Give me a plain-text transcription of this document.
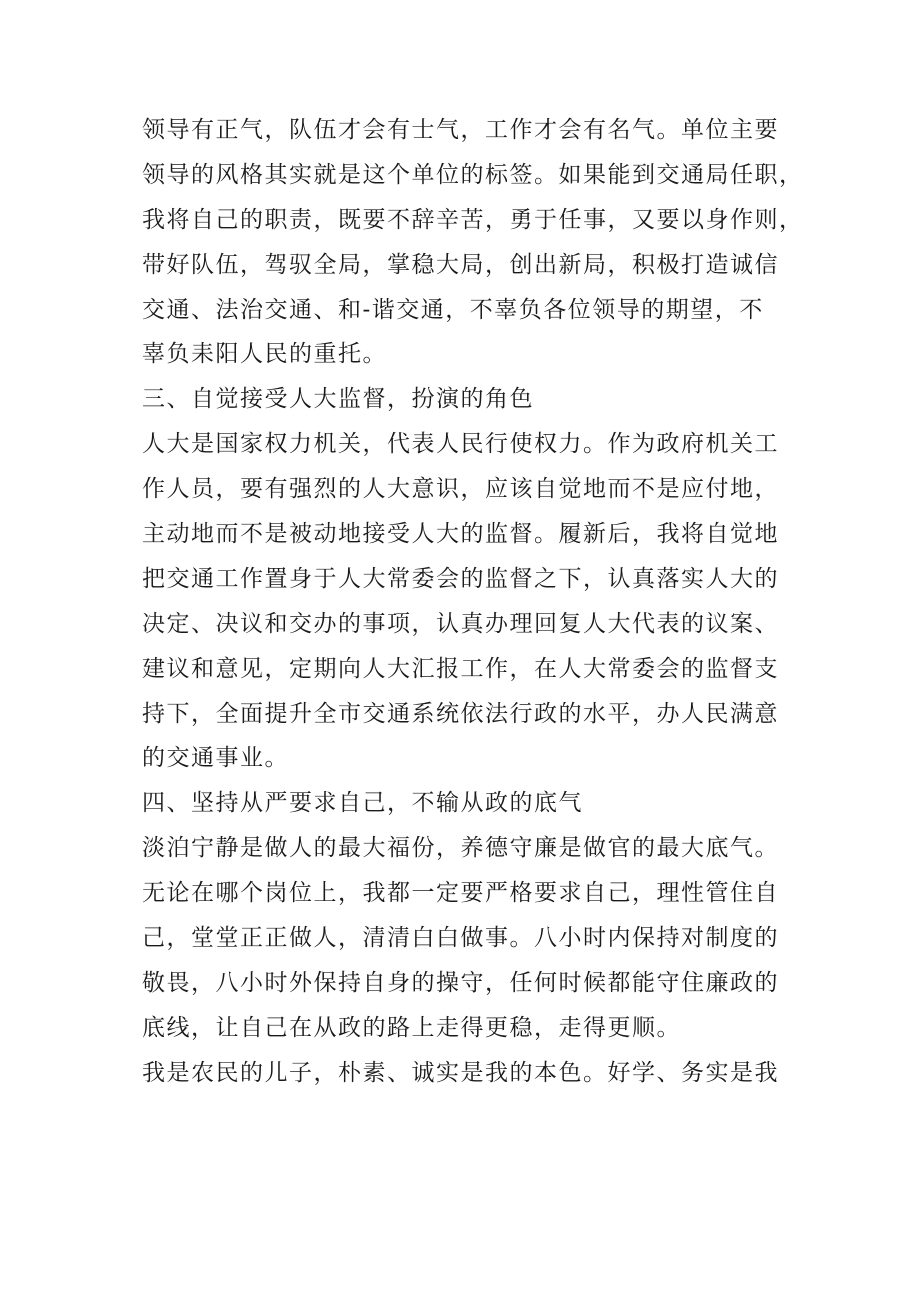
领导有正气，队伍才会有士气，工作才会有名气。单位主要
领导的风格其实就是这个单位的标签。如果能到交通局任职，
我将自己的职责，既要不辞辛苦，勇于任事，又要以身作则，
带好队伍，驾驭全局，掌稳大局，创出新局，积极打造诚信
交通、法治交通、和-谐交通，不辜负各位领导的期望，不
辜负耒阳人民的重托。
三、自觉接受人大监督，扮演的角色
人大是国家权力机关，代表人民行使权力。作为政府机关工
作人员，要有强烈的人大意识，应该自觉地而不是应付地，
主动地而不是被动地接受人大的监督。履新后，我将自觉地
把交通工作置身于人大常委会的监督之下，认真落实人大的
决定、决议和交办的事项，认真办理回复人大代表的议案、
建议和意见，定期向人大汇报工作，在人大常委会的监督支
持下，全面提升全市交通系统依法行政的水平，办人民满意
的交通事业。
四、坚持从严要求自己，不输从政的底气
淡泊宁静是做人的最大福份，养德守廉是做官的最大底气。
无论在哪个岗位上，我都一定要严格要求自己，理性管住自
己，堂堂正正做人，清清白白做事。八小时内保持对制度的
敬畏，八小时外保持自身的操守，任何时候都能守住廉政的
底线，让自己在从政的路上走得更稳，走得更顺。
我是农民的儿子，朴素、诚实是我的本色。好学、务实是我
